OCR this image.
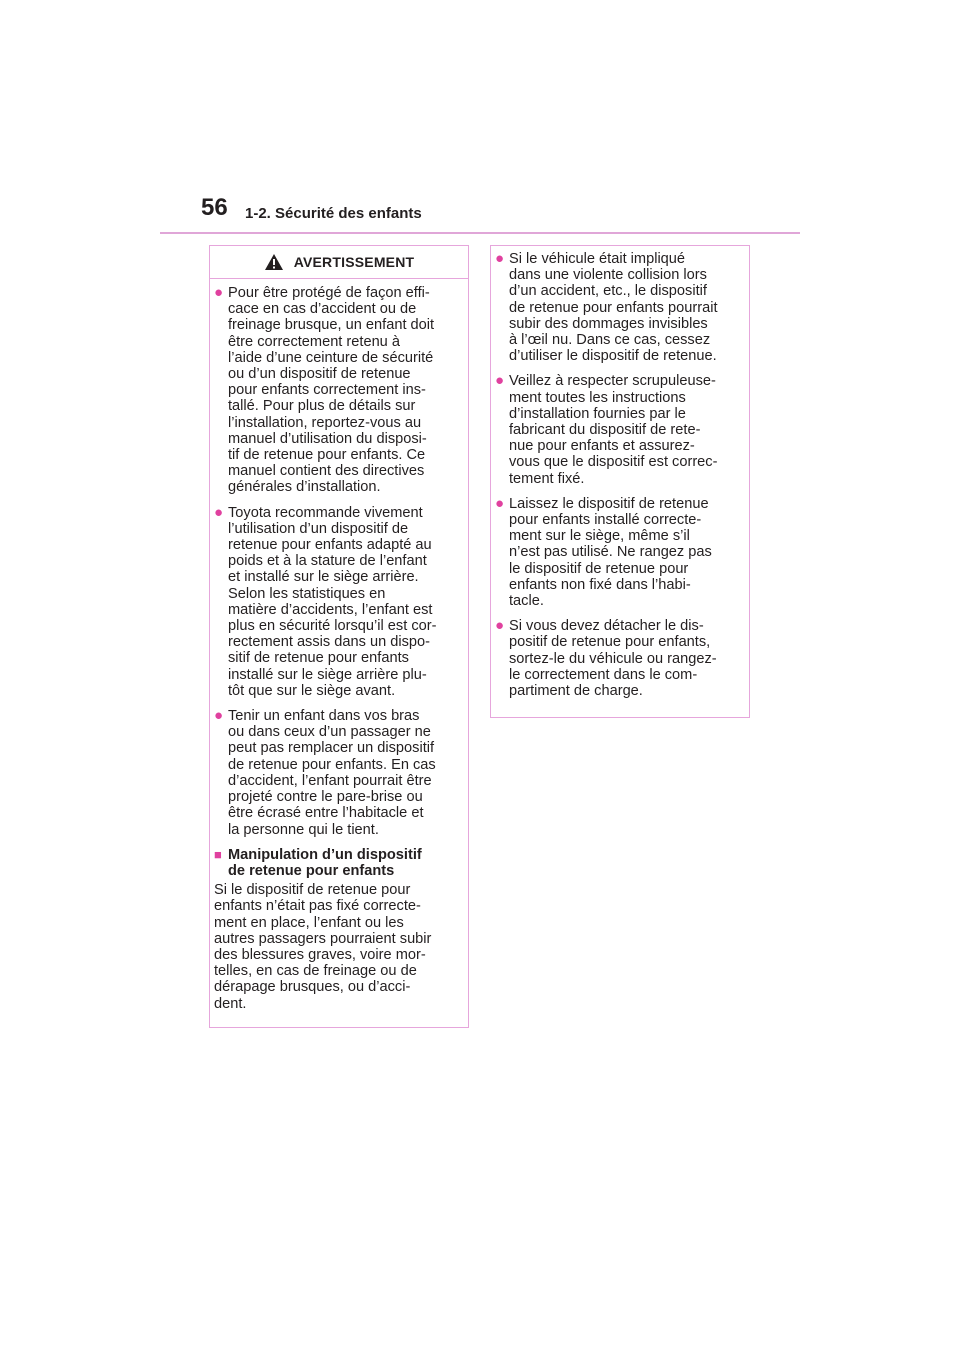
56 1-2. Sécurité des enfants
AVERTISSEMENT
● Pour être protégé de façon effi-
cace en cas d’accident ou de
freinage brusque, un enfant doit
être correctement retenu à
l’aide d’une ceinture de sécurité
ou d’un dispositif de retenue
pour enfants correctement ins-
tallé. Pour plus de détails sur
l’installation, reportez-vous au
manuel d’utilisation du disposi-
tif de retenue pour enfants. Ce
manuel contient des directives
générales d’installation.
● Toyota recommande vivement
l’utilisation d’un dispositif de
retenue pour enfants adapté au
poids et à la stature de l’enfant
et installé sur le siège arrière.
Selon les statistiques en
matière d’accidents, l’enfant est
plus en sécurité lorsqu’il est cor-
rectement assis dans un dispo-
sitif de retenue pour enfants
installé sur le siège arrière plu-
tôt que sur le siège avant.
● Tenir un enfant dans vos bras
ou dans ceux d’un passager ne
peut pas remplacer un dispositif
de retenue pour enfants. En cas
d’accident, l’enfant pourrait être
projeté contre le pare-brise ou
être écrasé entre l’habitacle et
la personne qui le tient.
■ Manipulation d’un dispositif
de retenue pour enfants

Si le dispositif de retenue pour
enfants n’était pas fixé correcte-
ment en place, l’enfant ou les
autres passagers pourraient subir
des blessures graves, voire mor-
telles, en cas de freinage ou de
dérapage brusques, ou d’acci-
dent.

● Si le véhicule était impliqué
dans une violente collision lors
d’un accident, etc., le dispositif
de retenue pour enfants pourrait
subir des dommages invisibles
à l’œil nu. Dans ce cas, cessez
d’utiliser le dispositif de retenue.
● Veillez à respecter scrupuleuse-
ment toutes les instructions
d’installation fournies par le
fabricant du dispositif de rete-
nue pour enfants et assurez-
vous que le dispositif est correc-
tement fixé.
● Laissez le dispositif de retenue
pour enfants installé correcte-
ment sur le siège, même s’il
n’est pas utilisé. Ne rangez pas
le dispositif de retenue pour
enfants non fixé dans l’habi-
tacle.
● Si vous devez détacher le dis-
positif de retenue pour enfants,
sortez-le du véhicule ou rangez-
le correctement dans le com-
partiment de charge.
